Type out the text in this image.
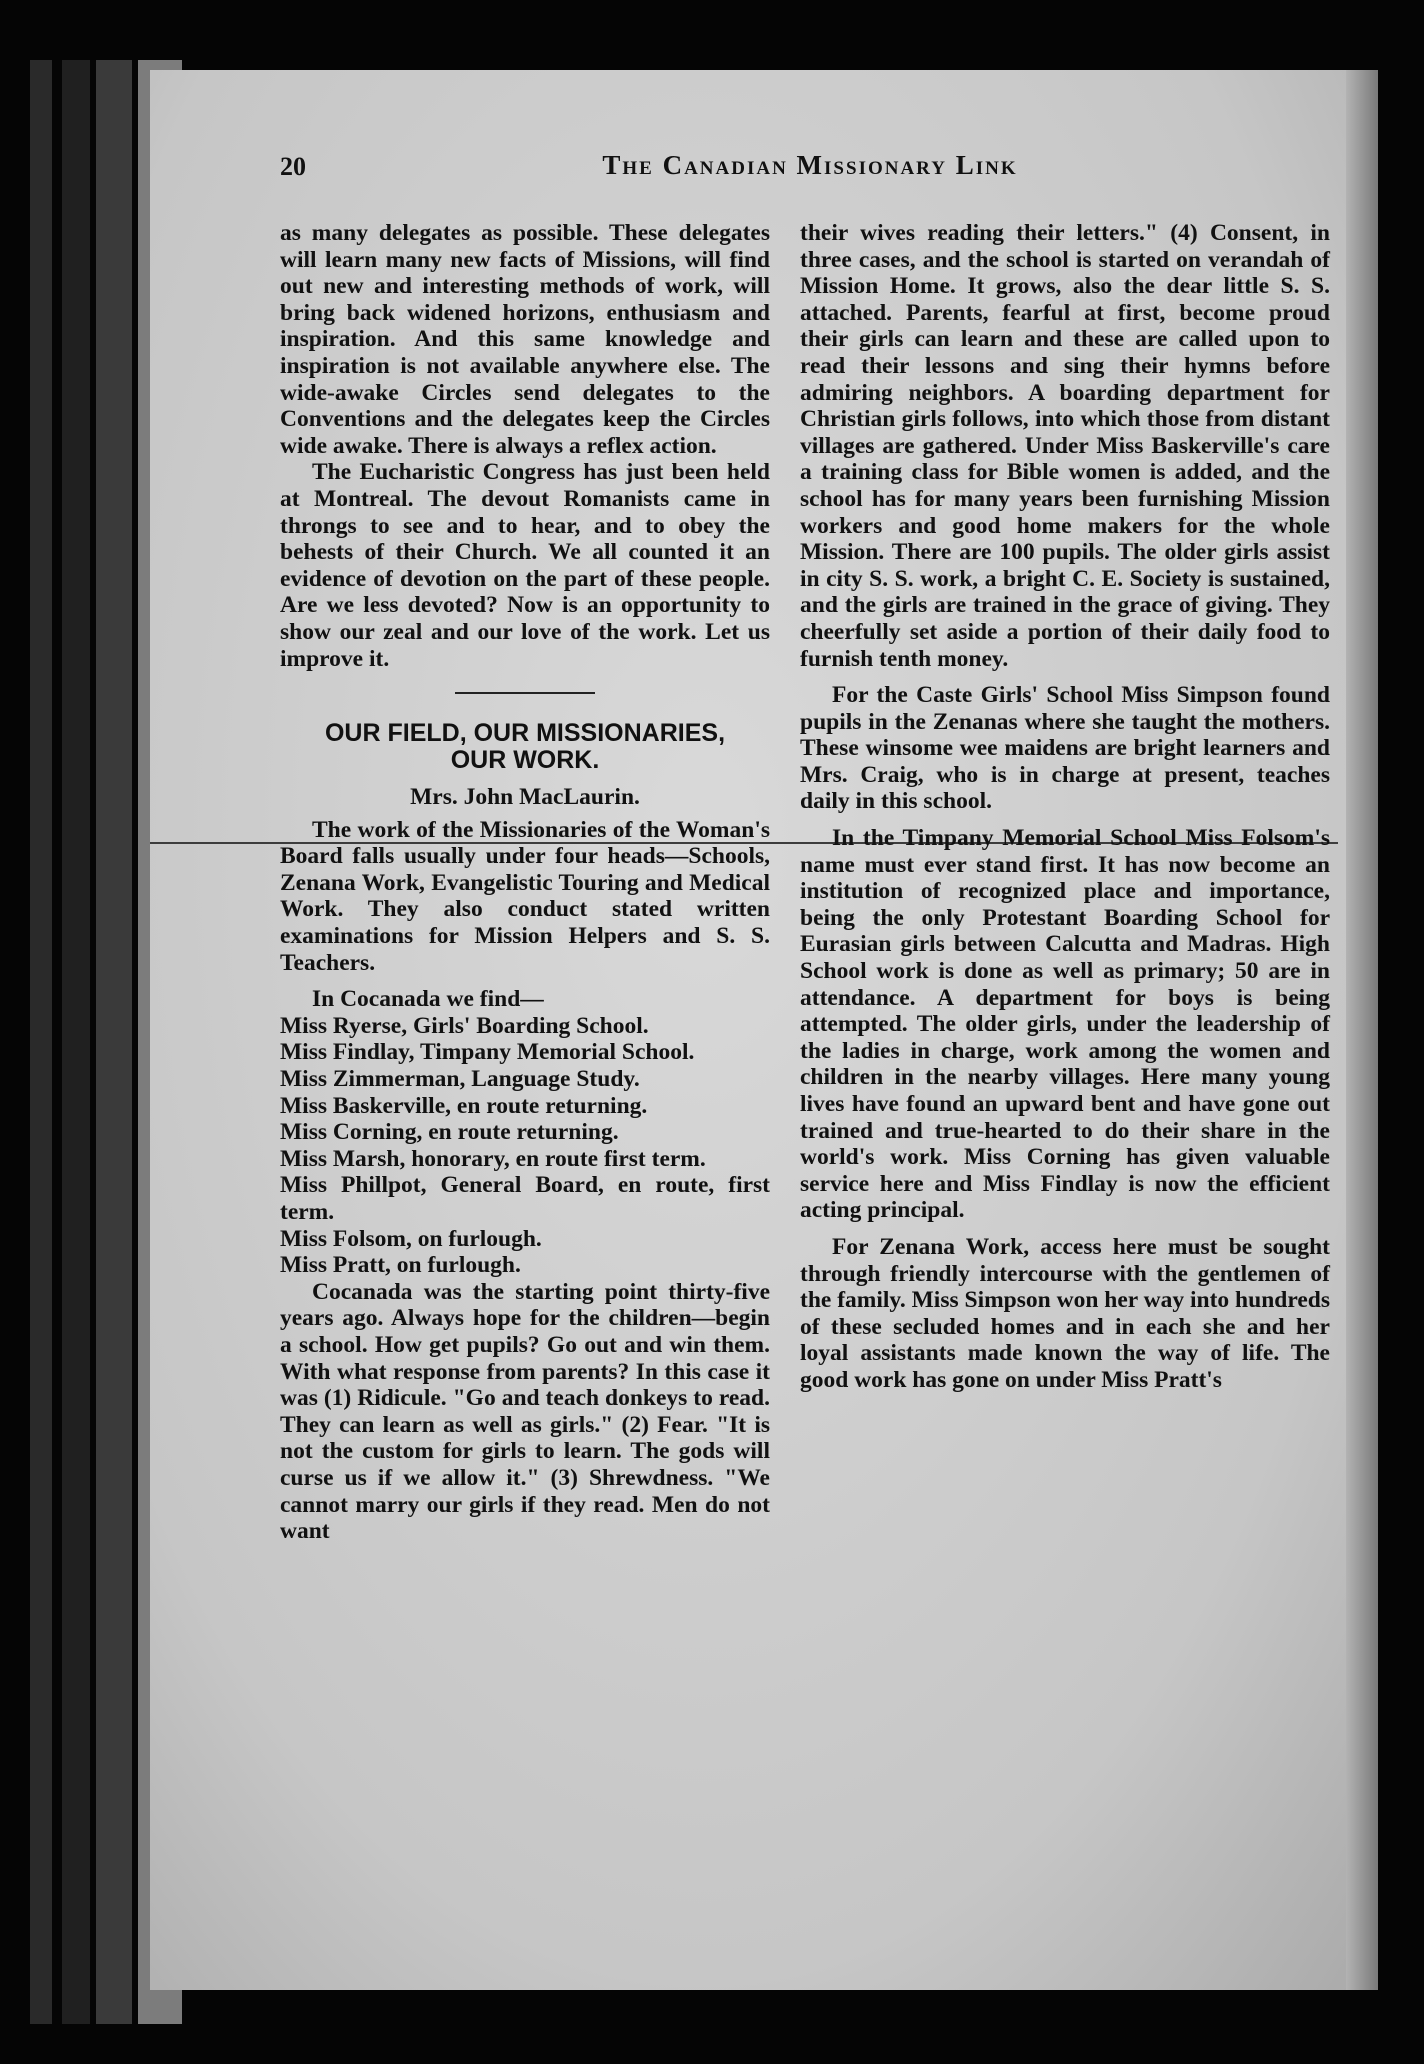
20	The Canadian Missionary Link

as many delegates as possible. These delegates will learn many new facts of Missions, will find out new and interesting methods of work, will bring back widened horizons, enthusiasm and inspiration. And this same knowledge and inspiration is not available anywhere else. The wide-awake Circles send delegates to the Conventions and the delegates keep the Circles wide awake. There is always a reflex action.

The Eucharistic Congress has just been held at Montreal. The devout Romanists came in throngs to see and to hear, and to obey the behests of their Church. We all counted it an evidence of devotion on the part of these people. Are we less devoted? Now is an opportunity to show our zeal and our love of the work. Let us improve it.

OUR FIELD, OUR MISSIONARIES,
OUR WORK.
Mrs. John MacLaurin.

The work of the Missionaries of the Woman's Board falls usually under four heads—Schools, Zenana Work, Evangelistic Touring and Medical Work. They also conduct stated written examinations for Mission Helpers and S. S. Teachers.

In Cocanada we find—

Miss Ryerse, Girls' Boarding School.

Miss Findlay, Timpany Memorial School.

Miss Zimmerman, Language Study.

Miss Baskerville, en route returning.

Miss Corning, en route returning.

Miss Marsh, honorary, en route first term.

Miss Phillpot, General Board, en route, first term.

Miss Folsom, on furlough.

Miss Pratt, on furlough.

Cocanada was the starting point thirty-five years ago. Always hope for the children—begin a school. How get pupils? Go out and win them. With what response from parents? In this case it was (1) Ridicule. "Go and teach donkeys to read. They can learn as well as girls." (2) Fear. "It is not the custom for girls to learn. The gods will curse us if we allow it." (3) Shrewdness. "We cannot marry our girls if they read. Men do not want

their wives reading their letters." (4) Consent, in three cases, and the school is started on verandah of Mission Home. It grows, also the dear little S. S. attached. Parents, fearful at first, become proud their girls can learn and these are called upon to read their lessons and sing their hymns before admiring neighbors. A boarding department for Christian girls follows, into which those from distant villages are gathered. Under Miss Baskerville's care a training class for Bible women is added, and the school has for many years been furnishing Mission workers and good home makers for the whole Mission. There are 100 pupils. The older girls assist in city S. S. work, a bright C. E. Society is sustained, and the girls are trained in the grace of giving. They cheerfully set aside a portion of their daily food to furnish tenth money.

For the Caste Girls' School Miss Simpson found pupils in the Zenanas where she taught the mothers. These winsome wee maidens are bright learners and Mrs. Craig, who is in charge at present, teaches daily in this school.

In the Timpany Memorial School Miss Folsom's name must ever stand first. It has now become an institution of recognized place and importance, being the only Protestant Boarding School for Eurasian girls between Calcutta and Madras. High School work is done as well as primary; 50 are in attendance. A department for boys is being attempted. The older girls, under the leadership of the ladies in charge, work among the women and children in the nearby villages. Here many young lives have found an upward bent and have gone out trained and true-hearted to do their share in the world's work. Miss Corning has given valuable service here and Miss Findlay is now the efficient acting principal.

For Zenana Work, access here must be sought through friendly intercourse with the gentlemen of the family. Miss Simpson won her way into hundreds of these secluded homes and in each she and her loyal assistants made known the way of life. The good work has gone on under Miss Pratt's
